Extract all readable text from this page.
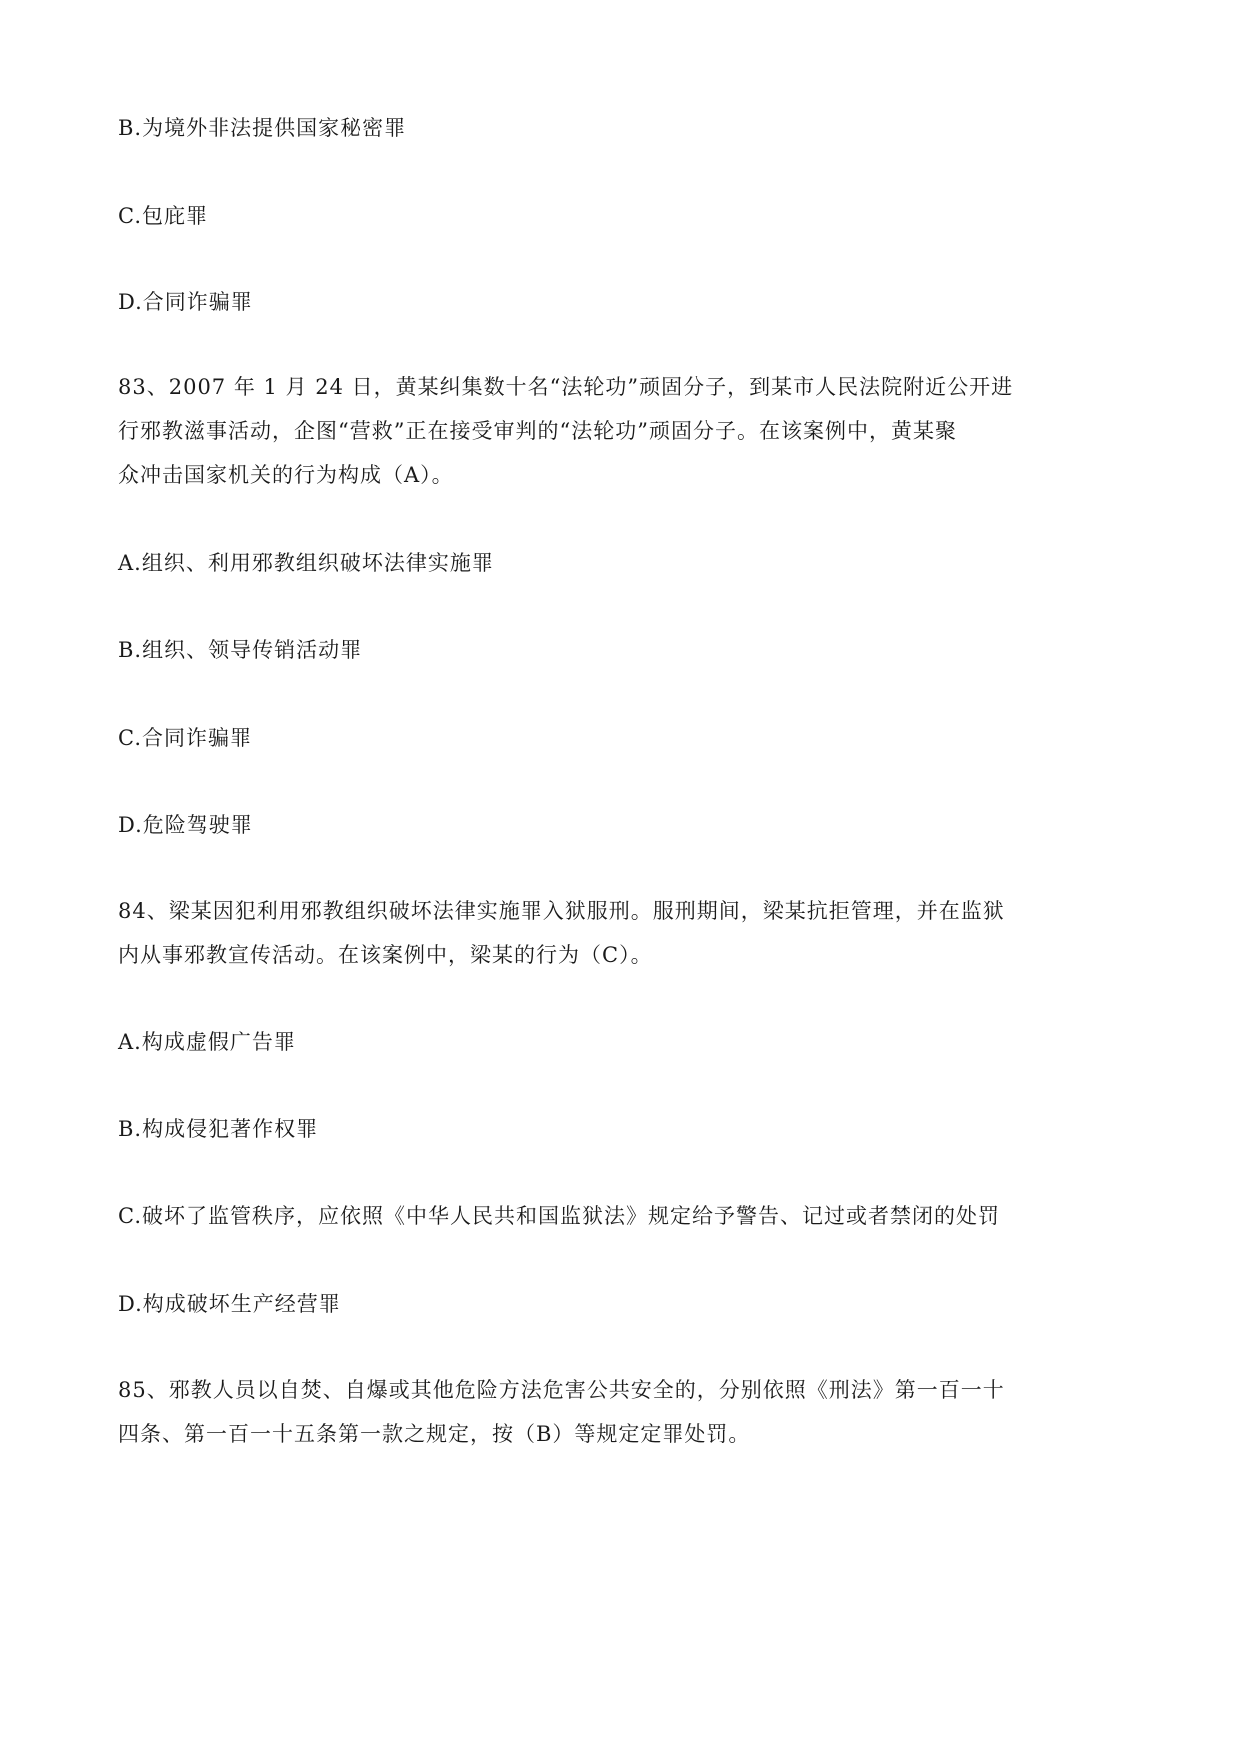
B.为境外非法提供国家秘密罪
C.包庇罪
D.合同诈骗罪
83、2007 年 1 月 24 日，黄某纠集数十名“法轮功”顽固分子，到某市人民法院附近公开进
行邪教滋事活动，企图“营救”正在接受审判的“法轮功”顽固分子。在该案例中，黄某聚
众冲击国家机关的行为构成（A）。
A.组织、利用邪教组织破坏法律实施罪
B.组织、领导传销活动罪
C.合同诈骗罪
D.危险驾驶罪
84、梁某因犯利用邪教组织破坏法律实施罪入狱服刑。服刑期间，梁某抗拒管理，并在监狱
内从事邪教宣传活动。在该案例中，梁某的行为（C）。
A.构成虚假广告罪
B.构成侵犯著作权罪
C.破坏了监管秩序，应依照《中华人民共和国监狱法》规定给予警告、记过或者禁闭的处罚
D.构成破坏生产经营罪
85、邪教人员以自焚、自爆或其他危险方法危害公共安全的，分别依照《刑法》第一百一十
四条、第一百一十五条第一款之规定，按（B）等规定定罪处罚。
